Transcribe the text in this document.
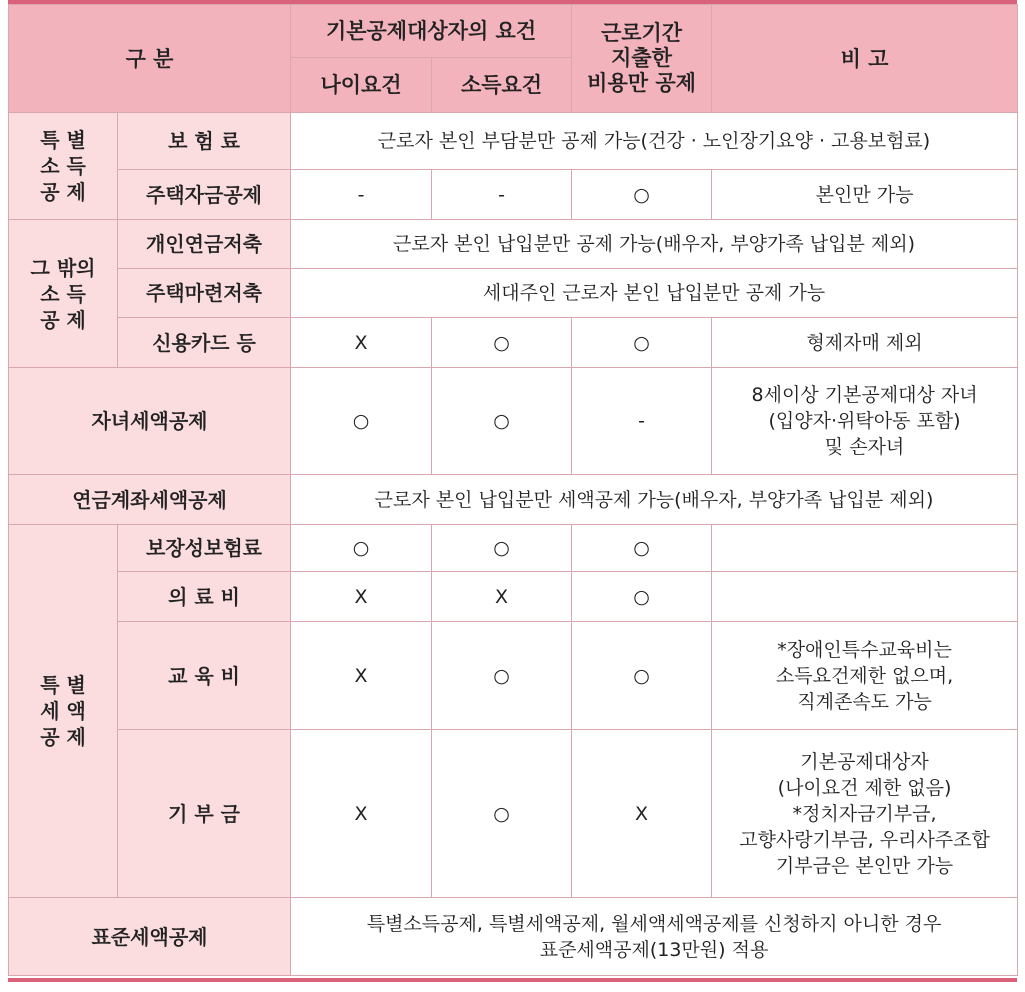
구 분		기본공제대상자의 요건		근로기간
지출한
비용만 공제	비 고
		나이요건	소득요건		
특 별
소 득
공 제	보 험 료	근로자 본인 부담분만 공제 가능(건강 · 노인장기요양 · 고용보험료)			
	주택자금공제	-	-	○	본인만 가능
그 밖의
소 득
공 제	개인연금저축	근로자 본인 납입분만 공제 가능(배우자, 부양가족 납입분 제외)			
	주택마련저축	세대주인 근로자 본인 납입분만 공제 가능			
	신용카드 등	X	○	○	형제자매 제외
자녀세액공제		○	○	-	8세이상 기본공제대상 자녀
(입양자·위탁아동 포함)
및 손자녀
연금계좌세액공제		근로자 본인 납입분만 세액공제 가능(배우자, 부양가족 납입분 제외)			
특 별
세 액
공 제	보장성보험료	○	○	○	
	의 료 비	X	X	○	
	교 육 비	X	○	○	*장애인특수교육비는
소득요건제한 없으며,
직계존속도 가능
	기 부 금	X	○	X	기본공제대상자
(나이요건 제한 없음)
*정치자금기부금,
고향사랑기부금, 우리사주조합
기부금은 본인만 가능
표준세액공제		특별소득공제, 특별세액공제, 월세액세액공제를 신청하지 아니한 경우
표준세액공제(13만원) 적용			
